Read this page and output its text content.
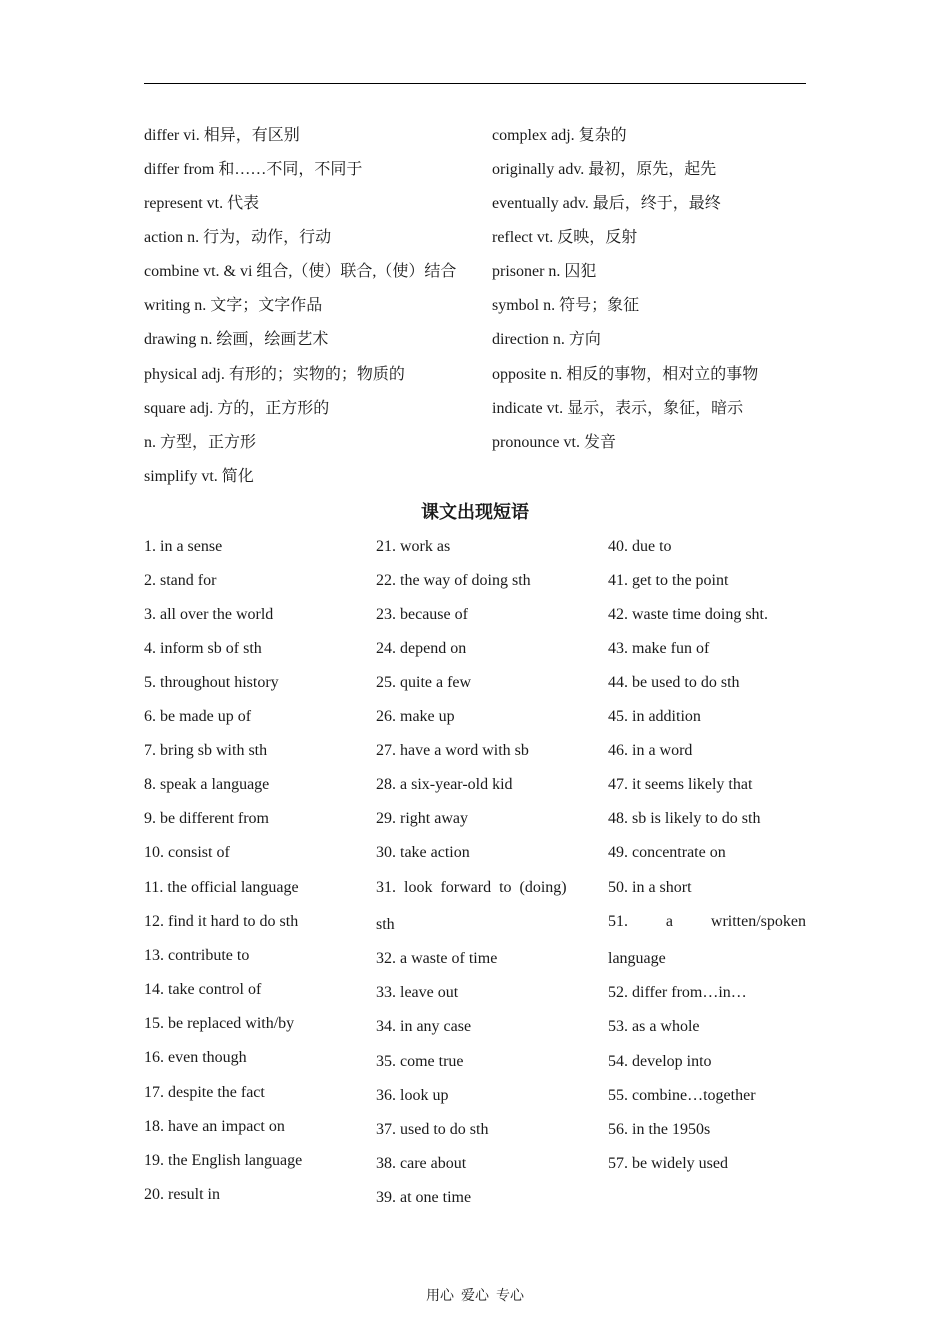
differ vi. 相异，有区别
differ from 和……不同，不同于
represent vt. 代表
action n. 行为，动作，行动
combine vt. & vi 组合,（使）联合,（使）结合
writing n. 文字；文字作品
drawing n. 绘画，绘画艺术
physical adj. 有形的；实物的；物质的
square adj. 方的，正方形的
n. 方型，正方形
simplify vt. 简化
complex adj. 复杂的
originally adv. 最初，原先，起先
eventually adv. 最后，终于，最终
reflect vt. 反映，反射
prisoner n. 囚犯
symbol n. 符号；象征
direction n. 方向
opposite n. 相反的事物，相对立的事物
indicate vt. 显示，表示，象征，暗示
pronounce vt. 发音
课文出现短语
1. in a sense
2. stand for
3. all over the world
4. inform sb of sth
5. throughout history
6. be made up of
7. bring sb with sth
8. speak a language
9. be different from
10. consist of
11. the official language
12. find it hard to do sth
13. contribute to
14. take control of
15. be replaced with/by
16. even though
17. despite the fact
18. have an impact on
19. the English language
20. result in
21. work as
22. the way of doing sth
23. because of
24. depend on
25. quite a few
26. make up
27. have a word with sb
28. a six-year-old kid
29. right away
30. take action
31.  look  forward  to  (doing)
sth
32. a waste of time
33. leave out
34. in any case
35. come true
36. look up
37. used to do sth
38. care about
39. at one time
40. due to
41. get to the point
42. waste time doing sht.
43. make fun of
44. be used to do sth
45. in addition
46. in a word
47. it seems likely that
48. sb is likely to do sth
49. concentrate on
50. in a short
51. a written/spoken
language
52. differ from…in…
53. as a whole
54. develop into
55. combine…together
56. in the 1950s
57. be widely used
用心  爱心  专心
